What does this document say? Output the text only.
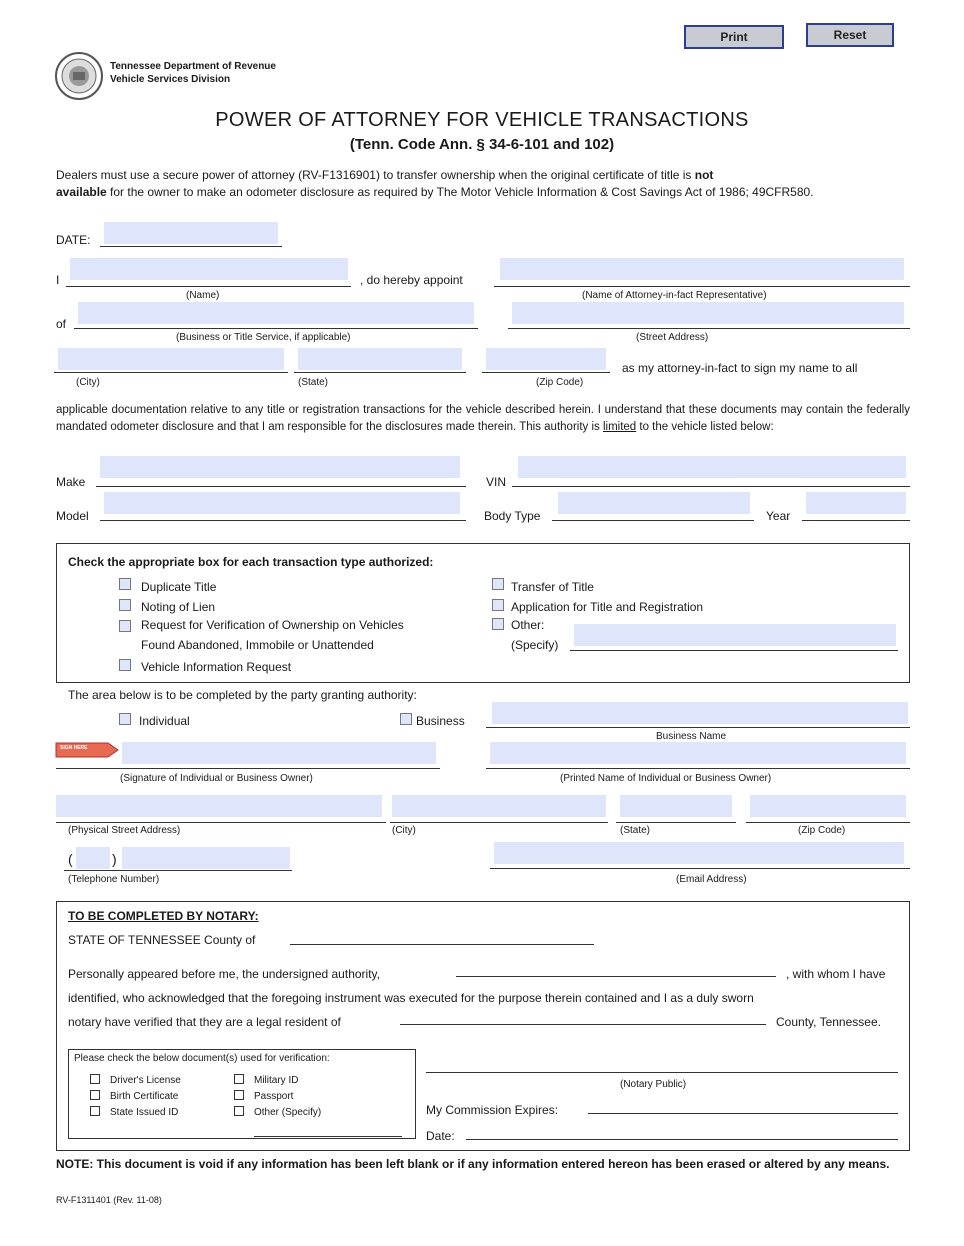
Print	Reset
Tennessee Department of Revenue
Vehicle Services Division
POWER OF ATTORNEY FOR VEHICLE TRANSACTIONS
(Tenn. Code Ann. § 34-6-101 and 102)
Dealers must use a secure power of attorney (RV-F1316901) to transfer ownership when the original certificate of title is not
available for the owner to make an odometer disclosure as required by The Motor Vehicle Information & Cost Savings Act of 1986; 49CFR580.
DATE:
I	, do hereby appoint
(Name)	(Name of Attorney-in-fact Representative)
of
(Business or Title Service, if applicable)	(Street Address)
as my attorney-in-fact to sign my name to all
(City)	(State)	(Zip Code)
applicable documentation relative to any title or registration transactions for the vehicle described herein. I understand that these documents may contain the federally mandated odometer disclosure and that I am responsible for the disclosures made therein. This authority is limited to the vehicle listed below:
Make	VIN
Model	Body Type	Year
Check the appropriate box for each transaction type authorized:
Duplicate Title
Noting of Lien
Request for Verification of Ownership on Vehicles
Found Abandoned, Immobile or Unattended
Vehicle Information Request
Transfer of Title
Application for Title and Registration
Other:
(Specify)
The area below is to be completed by the party granting authority:
Individual	Business
Business Name
SIGN HERE
(Signature of Individual or Business Owner)	(Printed Name of Individual or Business Owner)
(Physical Street Address)	(City)	(State)	(Zip Code)
(	)
(Telephone Number)	(Email Address)
TO BE COMPLETED BY NOTARY:
STATE OF TENNESSEE County of
Personally appeared before me, the undersigned authority,	, with whom I have
identified, who acknowledged that the foregoing instrument was executed for the purpose therein contained and I as a duly sworn
notary have verified that they are a legal resident of	County, Tennessee.
Please check the below document(s) used for verification:
Driver's License
Birth Certificate
State Issued ID
Military ID
Passport
Other (Specify)
(Notary Public)
My Commission Expires:
Date:
NOTE: This document is void if any information has been left blank or if any information entered hereon has been erased or altered by any means.
RV-F1311401 (Rev. 11-08)
